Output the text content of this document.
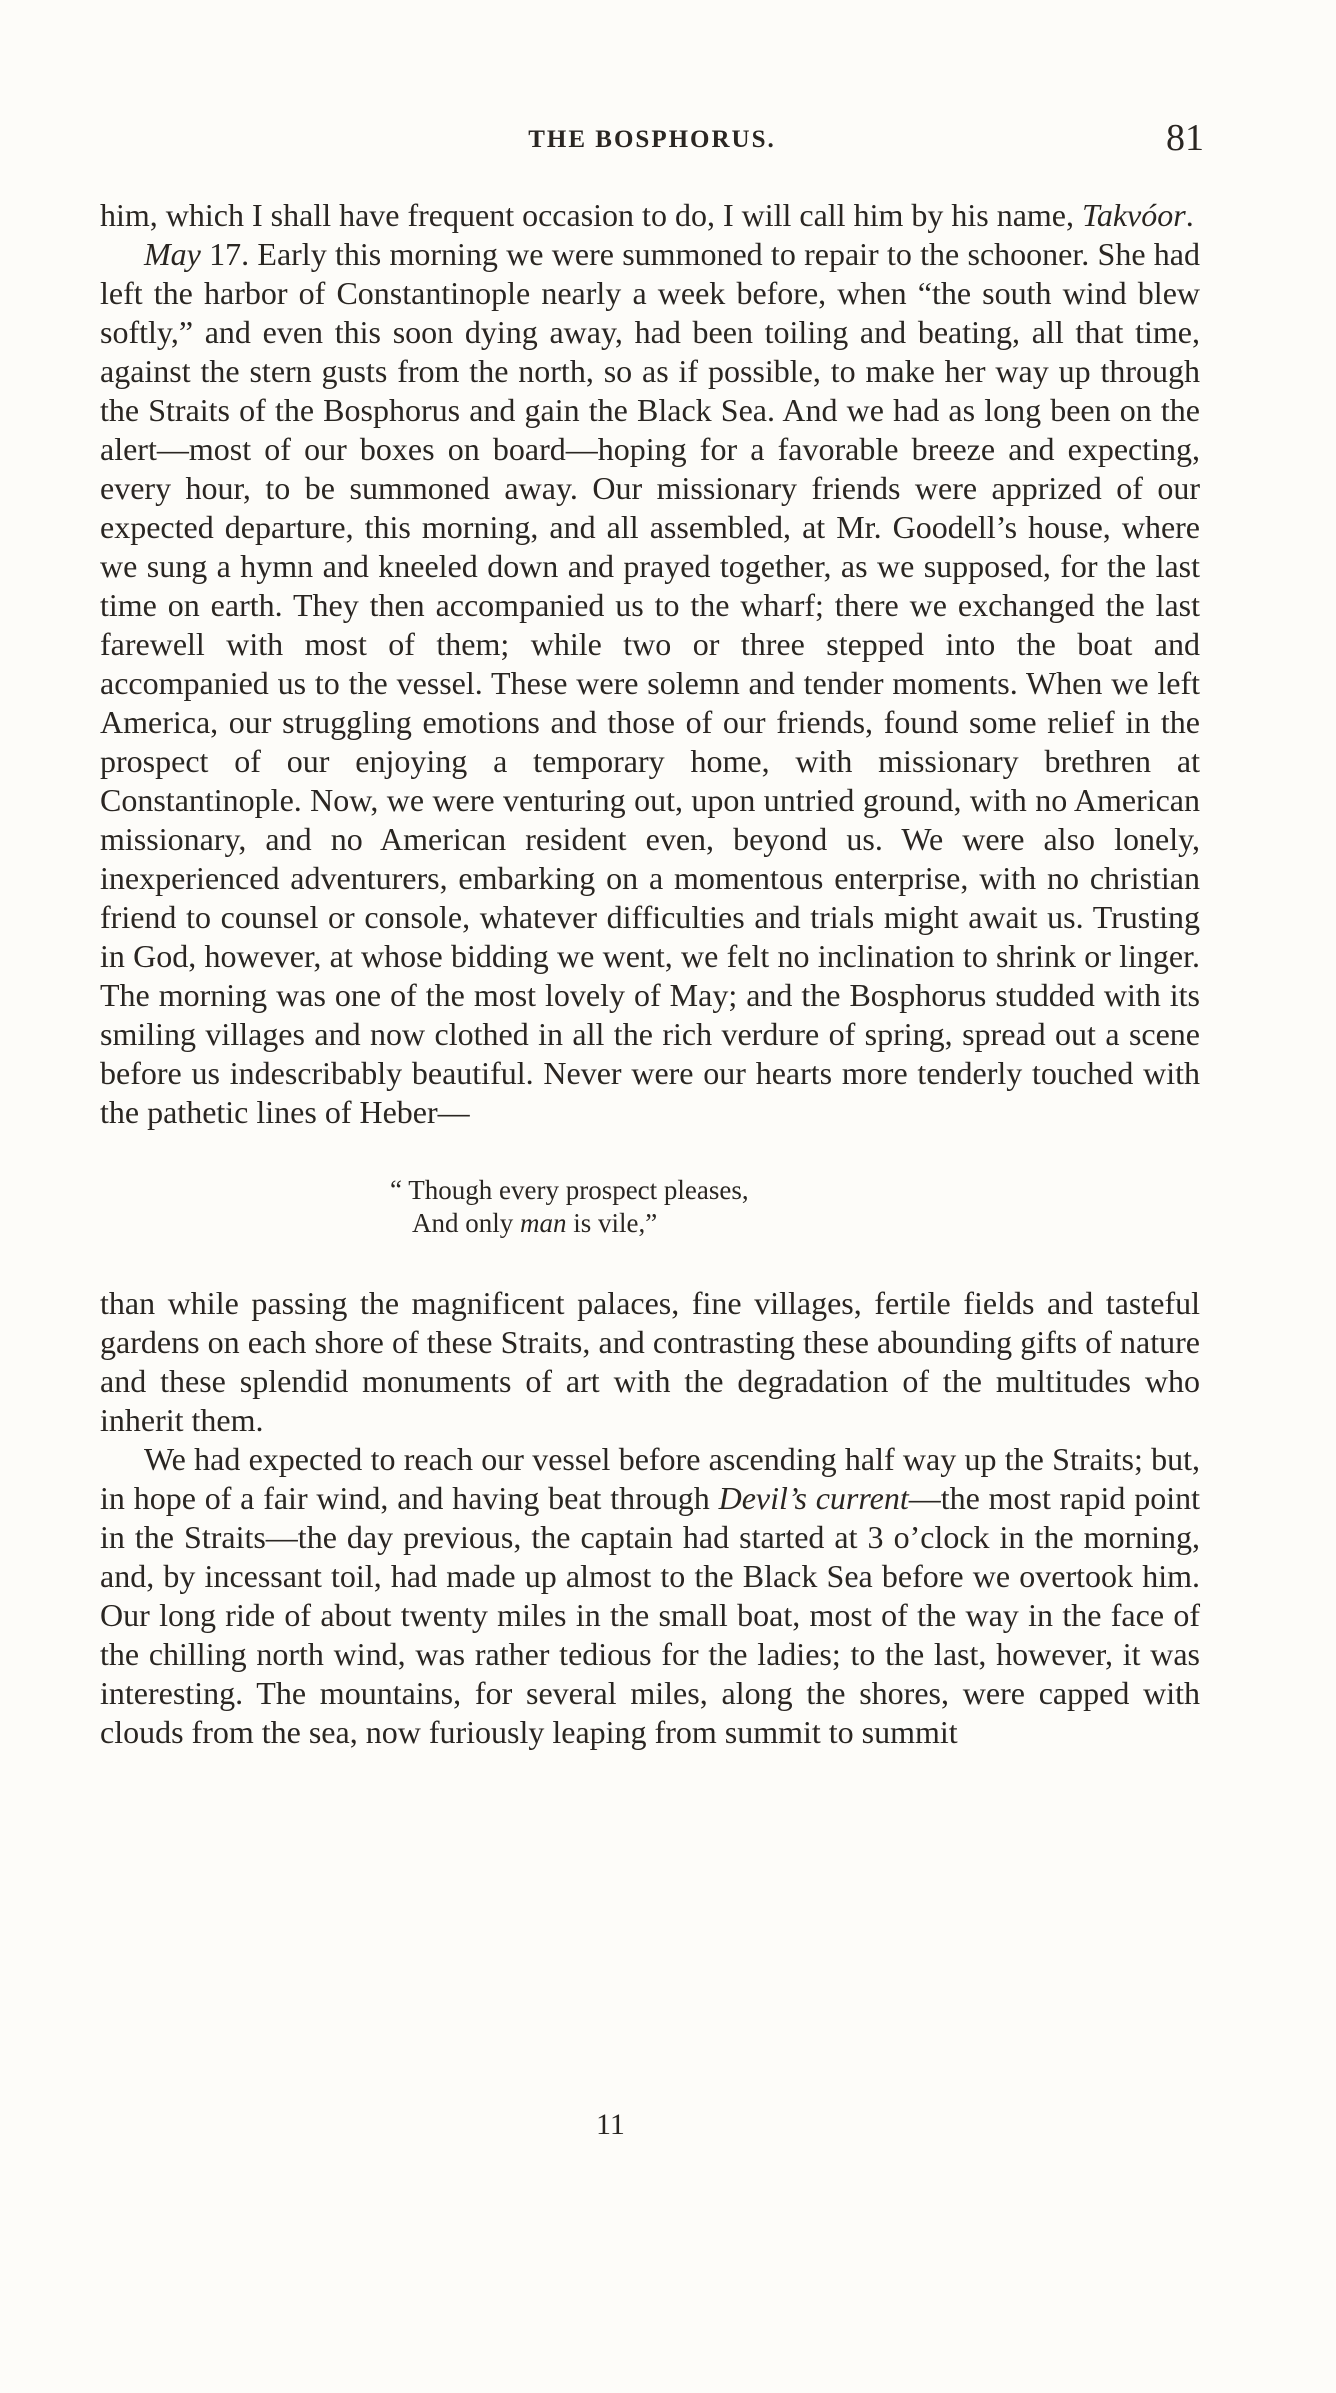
THE BOSPHORUS.	81

him, which I shall have frequent occasion to do, I will call him by his name, Takvóor.

May 17. Early this morning we were summoned to repair to the schooner. She had left the harbor of Constantinople nearly a week before, when “the south wind blew softly,” and even this soon dying away, had been toiling and beating, all that time, against the stern gusts from the north, so as if possible, to make her way up through the Straits of the Bosphorus and gain the Black Sea. And we had as long been on the alert—most of our boxes on board—hoping for a favorable breeze and expecting, every hour, to be summoned away. Our missionary friends were apprized of our expected departure, this morning, and all assembled, at Mr. Goodell’s house, where we sung a hymn and kneeled down and prayed together, as we supposed, for the last time on earth. They then accompanied us to the wharf; there we exchanged the last farewell with most of them; while two or three stepped into the boat and accompanied us to the vessel. These were solemn and tender moments. When we left America, our struggling emotions and those of our friends, found some relief in the prospect of our enjoying a temporary home, with missionary brethren at Constantinople. Now, we were venturing out, upon untried ground, with no American missionary, and no American resident even, beyond us. We were also lonely, inexperienced adventurers, embarking on a momentous enterprise, with no christian friend to counsel or console, whatever difficulties and trials might await us. Trusting in God, however, at whose bidding we went, we felt no inclination to shrink or linger. The morning was one of the most lovely of May; and the Bosphorus studded with its smiling villages and now clothed in all the rich verdure of spring, spread out a scene before us indescribably beautiful. Never were our hearts more tenderly touched with the pathetic lines of Heber—

“ Though every prospect pleases,
And only man is vile,”

than while passing the magnificent palaces, fine villages, fertile fields and tasteful gardens on each shore of these Straits, and contrasting these abounding gifts of nature and these splendid monuments of art with the degradation of the multitudes who inherit them.

We had expected to reach our vessel before ascending half way up the Straits; but, in hope of a fair wind, and having beat through Devil’s current—the most rapid point in the Straits—the day previous, the captain had started at 3 o’clock in the morning, and, by incessant toil, had made up almost to the Black Sea before we overtook him. Our long ride of about twenty miles in the small boat, most of the way in the face of the chilling north wind, was rather tedious for the ladies; to the last, however, it was interesting. The mountains, for several miles, along the shores, were capped with clouds from the sea, now furiously leaping from summit to summit

11
